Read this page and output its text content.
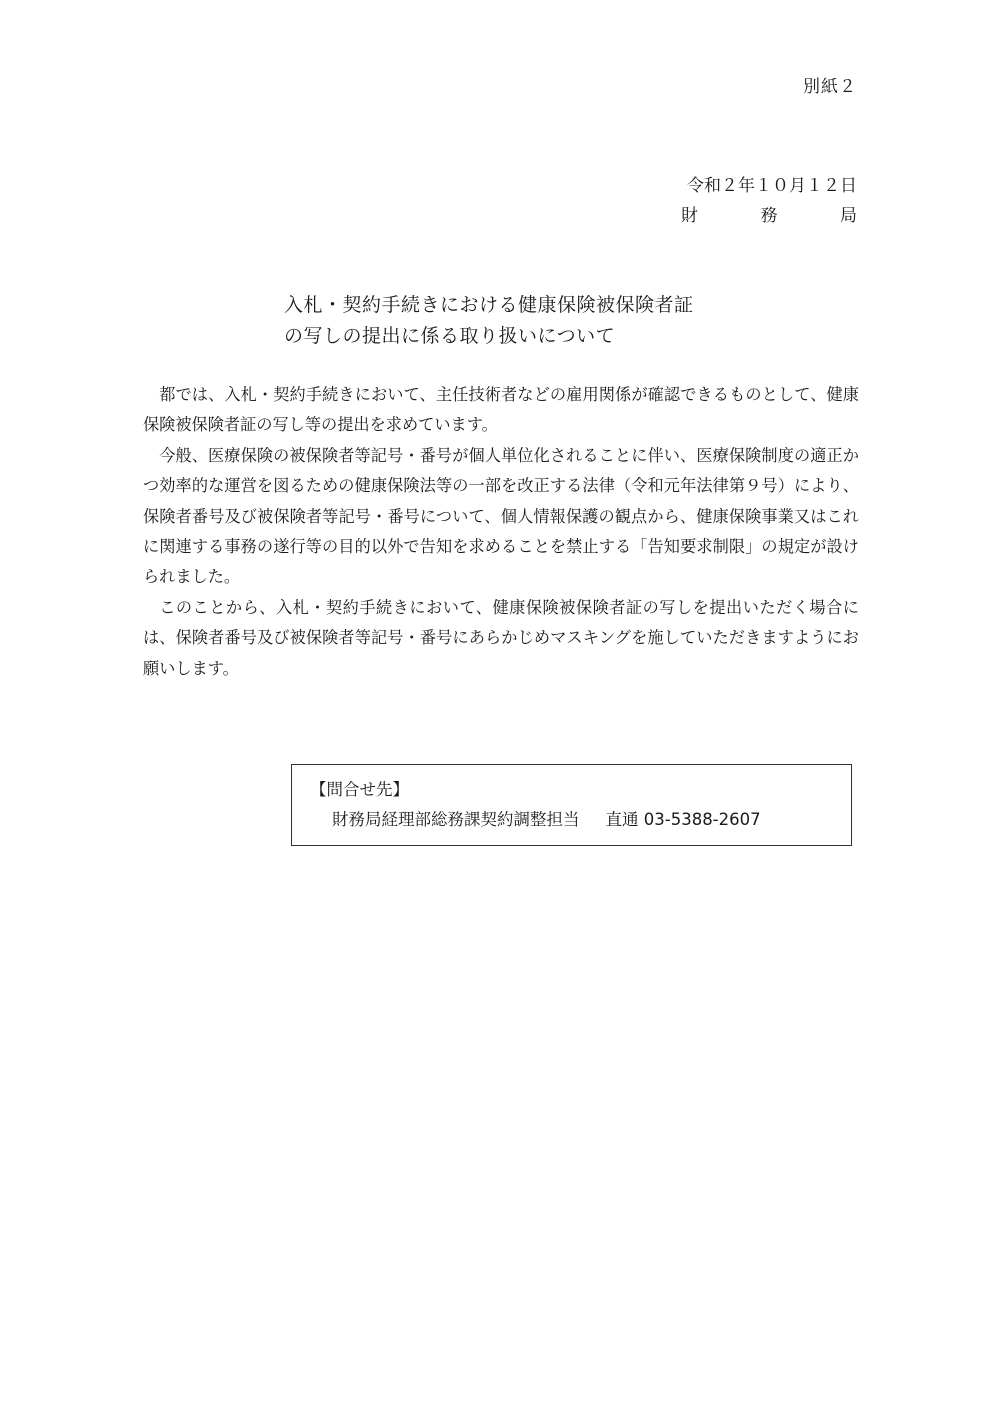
別紙２
令和２年１０月１２日
財務局
入札・契約手続きにおける健康保険被保険者証
の写しの提出に係る取り扱いについて

都では、入札・契約手続きにおいて、主任技術者などの雇用関係が確認できるものとして、健康保険被保険者証の写し等の提出を求めています。

今般、医療保険の被保険者等記号・番号が個人単位化されることに伴い、医療保険制度の適正かつ効率的な運営を図るための健康保険法等の一部を改正する法律（令和元年法律第９号）により、保険者番号及び被保険者等記号・番号について、個人情報保護の観点から、健康保険事業又はこれに関連する事務の遂行等の目的以外で告知を求めることを禁止する「告知要求制限」の規定が設けられました。

このことから、入札・契約手続きにおいて、健康保険被保険者証の写しを提出いただく場合には、保険者番号及び被保険者等記号・番号にあらかじめマスキングを施していただきますようにお願いします。

【問合せ先】
財務局経理部総務課契約調整担当 直通 03-5388-2607
